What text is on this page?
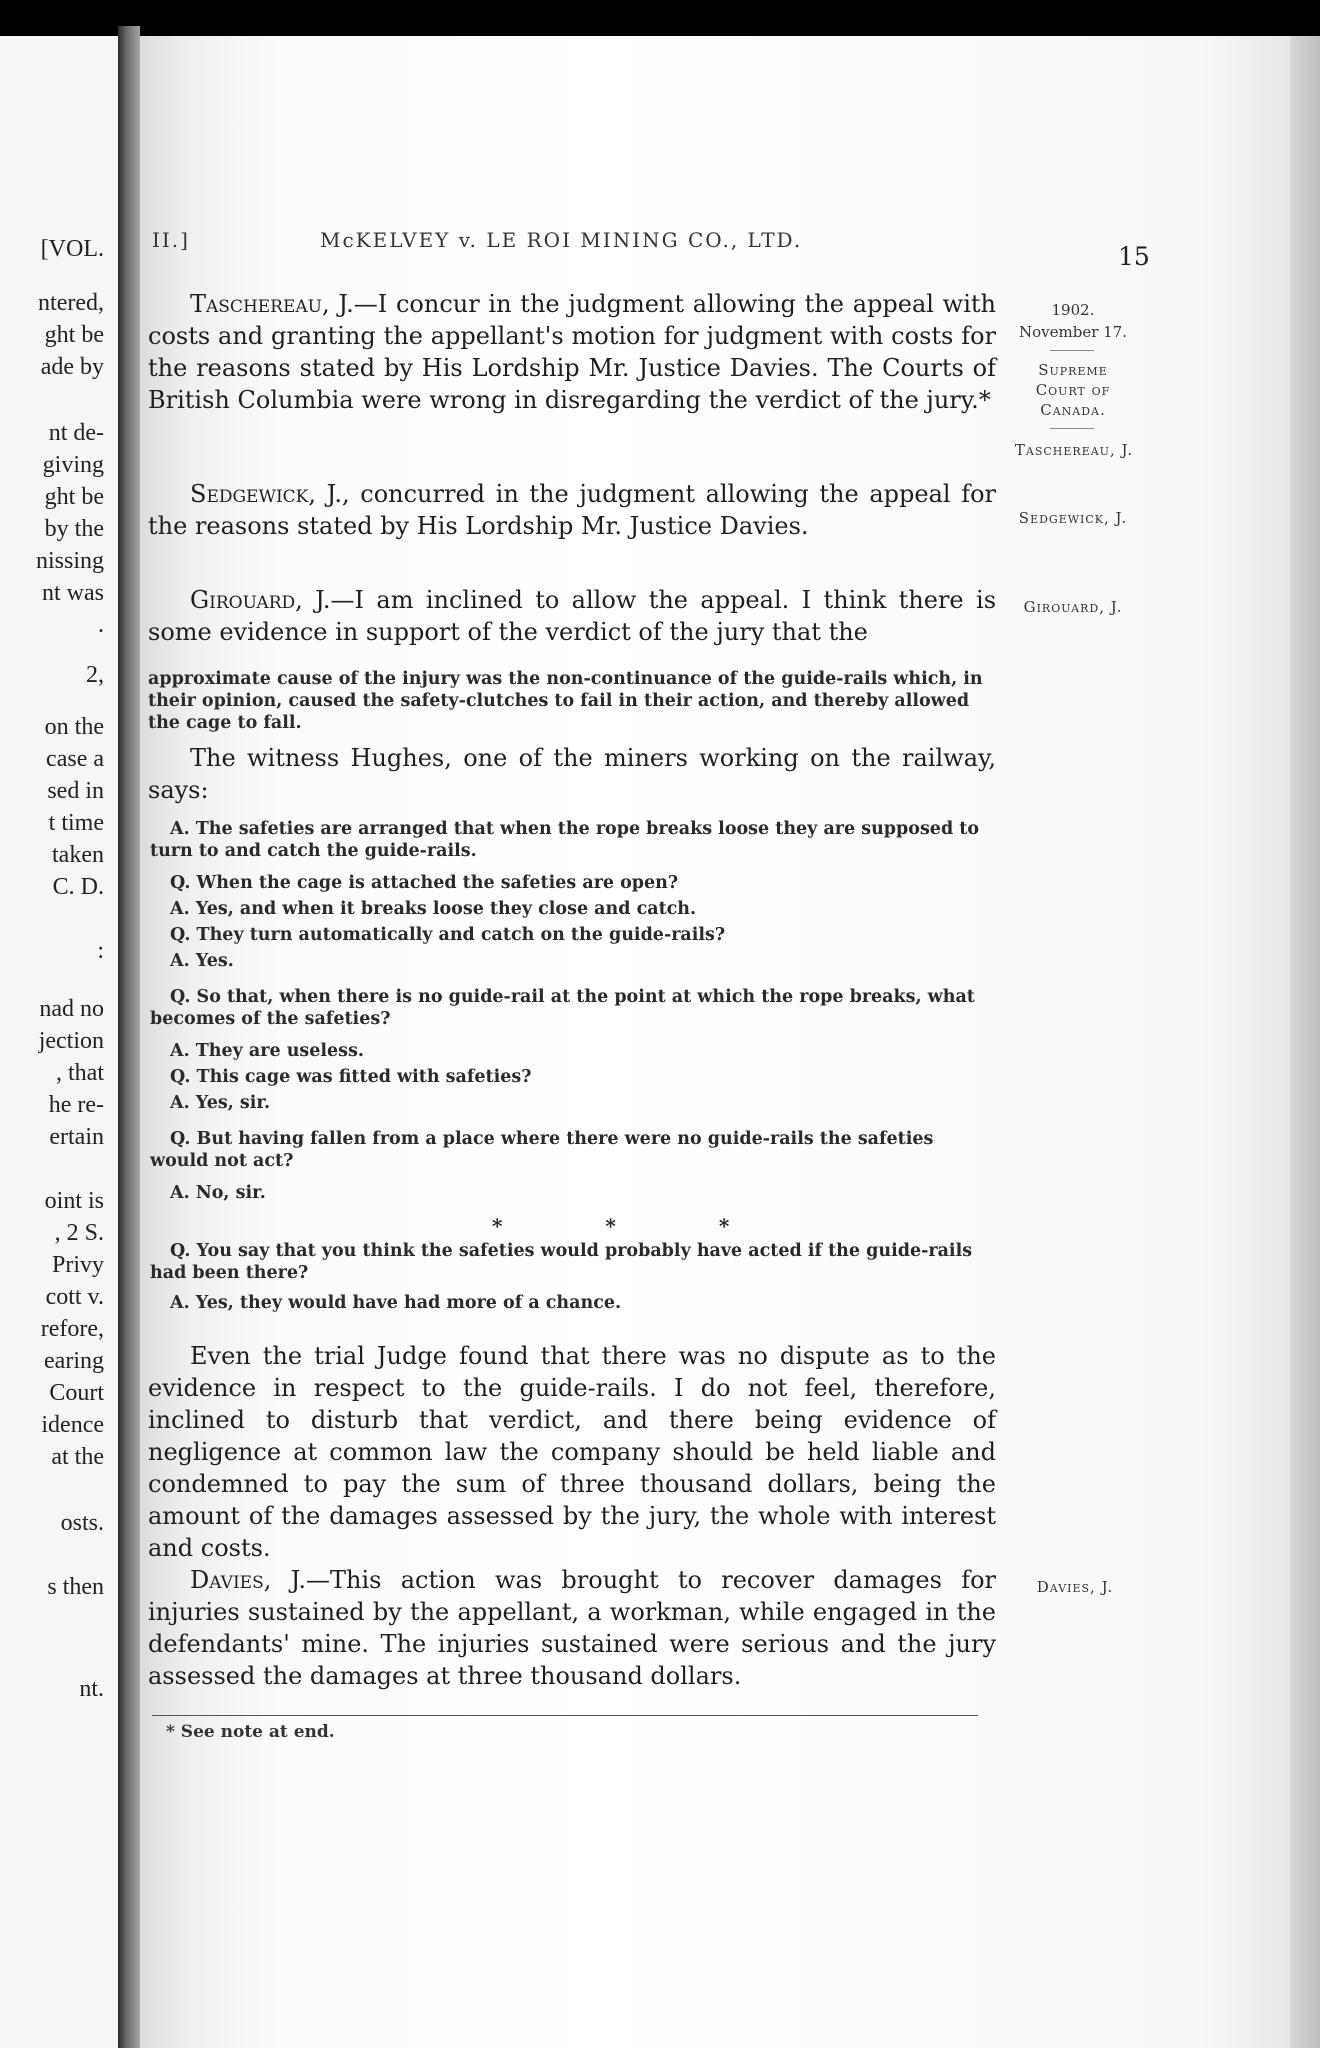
[VOL.
ntered,
ght be
ade by
nt de-
giving
ght be
by the
nissing
nt was
.
2,
on the
case a
sed in
t time
taken
C. D.
:
nad no
jection
, that
he re-
ertain
oint is
, 2 S.
Privy
cott v.
refore,
earing
Court
idence
at the
osts.
s then
nt.
II.]	McKELVEY v. LE ROI MINING CO., LTD.
15
1902.
November 17.
Supreme
Court of
Canada.
Taschereau, J.
Sedgewick, J.
Girouard, J.
Davies, J.
Taschereau, J.—I concur in the judgment allowing the appeal with costs and granting the appellant's motion for judgment with costs for the reasons stated by His Lordship Mr. Justice Davies. The Courts of British Columbia were wrong in disregarding the verdict of the jury.*
Sedgewick, J., concurred in the judgment allowing the appeal for the reasons stated by His Lordship Mr. Justice Davies.
Girouard, J.—I am inclined to allow the appeal. I think there is some evidence in support of the verdict of the jury that the
approximate cause of the injury was the non-continuance of the guide-rails which, in their opinion, caused the safety-clutches to fail in their action, and thereby allowed the cage to fall.
The witness Hughes, one of the miners working on the railway, says:
A. The safeties are arranged that when the rope breaks loose they are supposed to turn to and catch the guide-rails.
Q. When the cage is attached the safeties are open?
A. Yes, and when it breaks loose they close and catch.
Q. They turn automatically and catch on the guide-rails?
A. Yes.
Q. So that, when there is no guide-rail at the point at which the rope breaks, what becomes of the safeties?
A. They are useless.
Q. This cage was fitted with safeties?
A. Yes, sir.
Q. But having fallen from a place where there were no guide-rails the safeties would not act?
A. No, sir.
* * *
Q. You say that you think the safeties would probably have acted if the guide-rails had been there?
A. Yes, they would have had more of a chance.
Even the trial Judge found that there was no dispute as to the evidence in respect to the guide-rails. I do not feel, therefore, inclined to disturb that verdict, and there being evidence of negligence at common law the company should be held liable and condemned to pay the sum of three thousand dollars, being the amount of the damages assessed by the jury, the whole with interest and costs.
Davies, J.—This action was brought to recover damages for injuries sustained by the appellant, a workman, while engaged in the defendants' mine. The injuries sustained were serious and the jury assessed the damages at three thousand dollars.
* See note at end.
